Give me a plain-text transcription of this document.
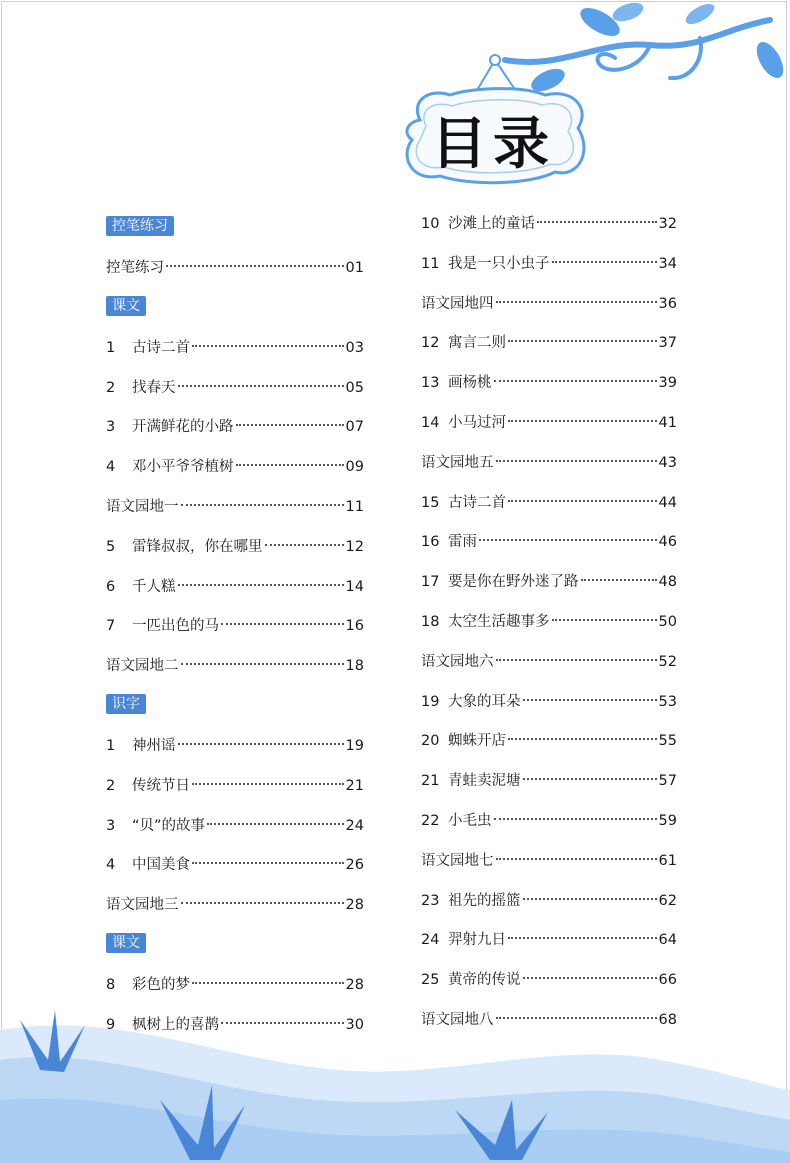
目录
控笔练习
控笔练习	01
课文
1	古诗二首	03
2	找春天	05
3	开满鲜花的小路	07
4	邓小平爷爷植树	09
语文园地一	11
5	雷锋叔叔，你在哪里	12
6	千人糕	14
7	一匹出色的马	16
语文园地二	18
识字
1	神州谣	19
2	传统节日	21
3	“贝”的故事	24
4	中国美食	26
语文园地三	28
课文
8	彩色的梦	28
9	枫树上的喜鹊	30
10 沙滩上的童话	32
11 我是一只小虫子	34
语文园地四	36
12 寓言二则	37
13 画杨桃	39
14 小马过河	41
语文园地五	43
15 古诗二首	44
16 雷雨	46
17 要是你在野外迷了路	48
18 太空生活趣事多	50
语文园地六	52
19 大象的耳朵	53
20 蜘蛛开店	55
21 青蛙卖泥塘	57
22 小毛虫	59
语文园地七	61
23 祖先的摇篮	62
24 羿射九日	64
25 黄帝的传说	66
语文园地八	68
